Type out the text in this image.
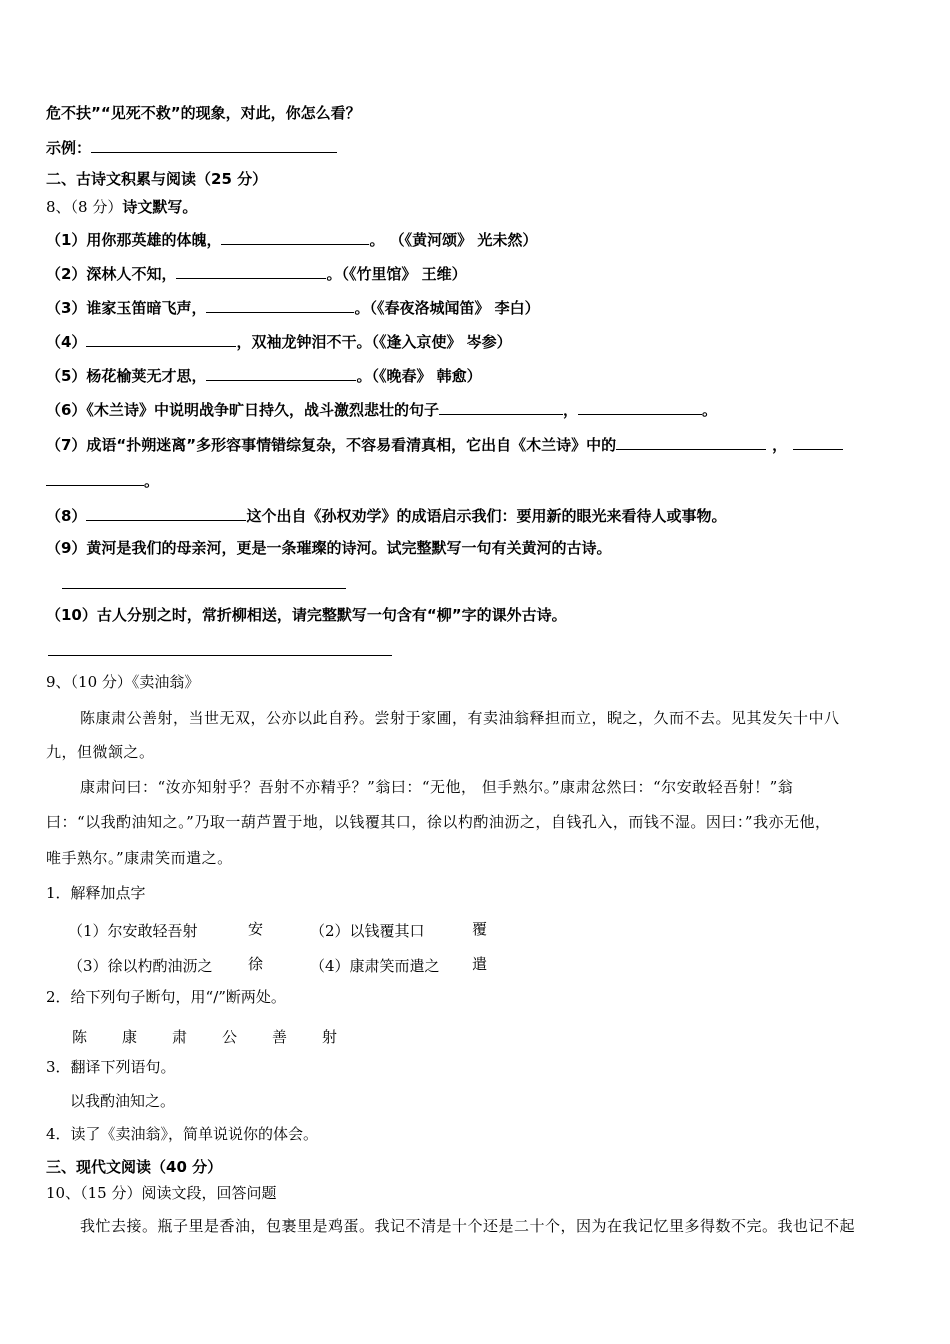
危不扶”“见死不救”的现象，对此，你怎么看？
示例：
二、古诗文积累与阅读（25 分）
8、（8 分）诗文默写。
（1）用你那英雄的体魄，	。 （《黄河颂》 光未然）
（2）深林人不知，	。（《竹里馆》 王维）
（3）谁家玉笛暗飞声，	。（《春夜洛城闻笛》 李白）
（4）	，双袖龙钟泪不干。（《逢入京使》 岑参）
（5）杨花榆荚无才思，	。（《晚春》 韩愈）
（6）《木兰诗》中说明战争旷日持久，战斗激烈悲壮的句子	，	。
（7）成语“扑朔迷离”多形容事情错综复杂，不容易看清真相，它出自《木兰诗》中的	，
。
（8）	这个出自《孙权劝学》的成语启示我们：要用新的眼光来看待人或事物。
（9）黄河是我们的母亲河，更是一条璀璨的诗河。试完整默写一句有关黄河的古诗。
（10）古人分别之时，常折柳相送，请完整默写一句含有“柳”字的课外古诗。
9、（10 分）《卖油翁》
陈康肃公善射，当世无双，公亦以此自矜。尝射于家圃，有卖油翁释担而立，睨之，久而不去。见其发矢十中八
九，但微颔之。
康肃问曰：“汝亦知射乎？吾射不亦精乎？”翁曰：“无他， 但手熟尔。”康肃忿然曰：“尔安敢轻吾射！”翁
曰：“以我酌油知之。”乃取一葫芦置于地，以钱覆其口，徐以杓酌油沥之，自钱孔入，而钱不湿。因曰：”我亦无他，
唯手熟尔。”康肃笑而遣之。
1．解释加点字
（1）尔安敢轻吾射	安	（2）以钱覆其口	覆
（3）徐以杓酌油沥之 徐	（4）康肃笑而遣之 遣
2．给下列句子断句，用“/”断两处。
陈 康 肃 公 善 射
3．翻译下列语句。
以我酌油知之。
4．读了《卖油翁》，简单说说你的体会。
三、现代文阅读（40 分）
10、（15 分）阅读文段，回答问题
我忙去接。瓶子里是香油，包裹里是鸡蛋。我记不清是十个还是二十个，因为在我记忆里多得数不完。我也记不起
